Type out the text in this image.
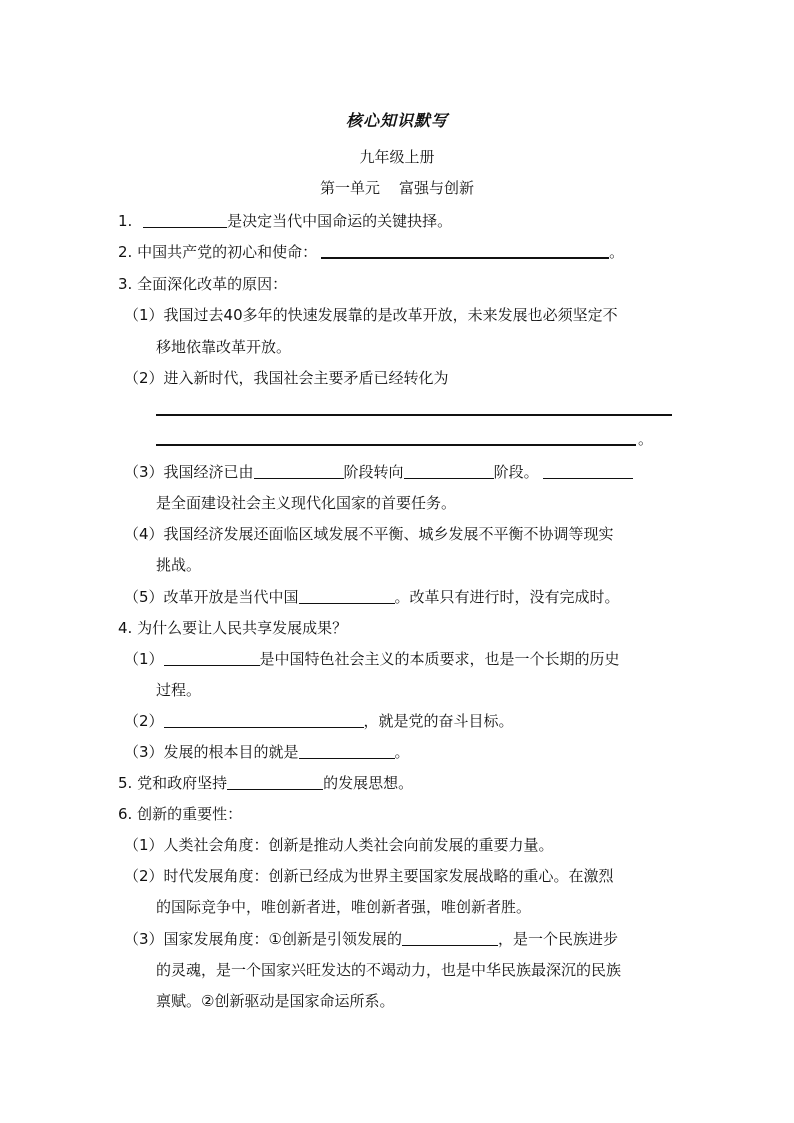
核心知识默写
九年级上册
第一单元    富强与创新
1.	是决定当代中国命运的关键抉择。
2. 中国共产党的初心和使命：	。
3. 全面深化改革的原因：
（1）我国过去40多年的快速发展靠的是改革开放，未来发展也必须坚定不
移地依靠改革开放。
（2）进入新时代，我国社会主要矛盾已经转化为
。
（3）我国经济已由	阶段转向	阶段。
是全面建设社会主义现代化国家的首要任务。
（4）我国经济发展还面临区域发展不平衡、城乡发展不平衡不协调等现实
挑战。
（5）改革开放是当代中国	。改革只有进行时，没有完成时。
4. 为什么要让人民共享发展成果？
（1）	是中国特色社会主义的本质要求，也是一个长期的历史
过程。
（2）	，就是党的奋斗目标。
（3）发展的根本目的就是	。
5. 党和政府坚持	的发展思想。
6. 创新的重要性：
（1）人类社会角度：创新是推动人类社会向前发展的重要力量。
（2）时代发展角度：创新已经成为世界主要国家发展战略的重心。在激烈
的国际竞争中，唯创新者进，唯创新者强，唯创新者胜。
（3）国家发展角度：①创新是引领发展的	，是一个民族进步
的灵魂，是一个国家兴旺发达的不竭动力，也是中华民族最深沉的民族
禀赋。②创新驱动是国家命运所系。
